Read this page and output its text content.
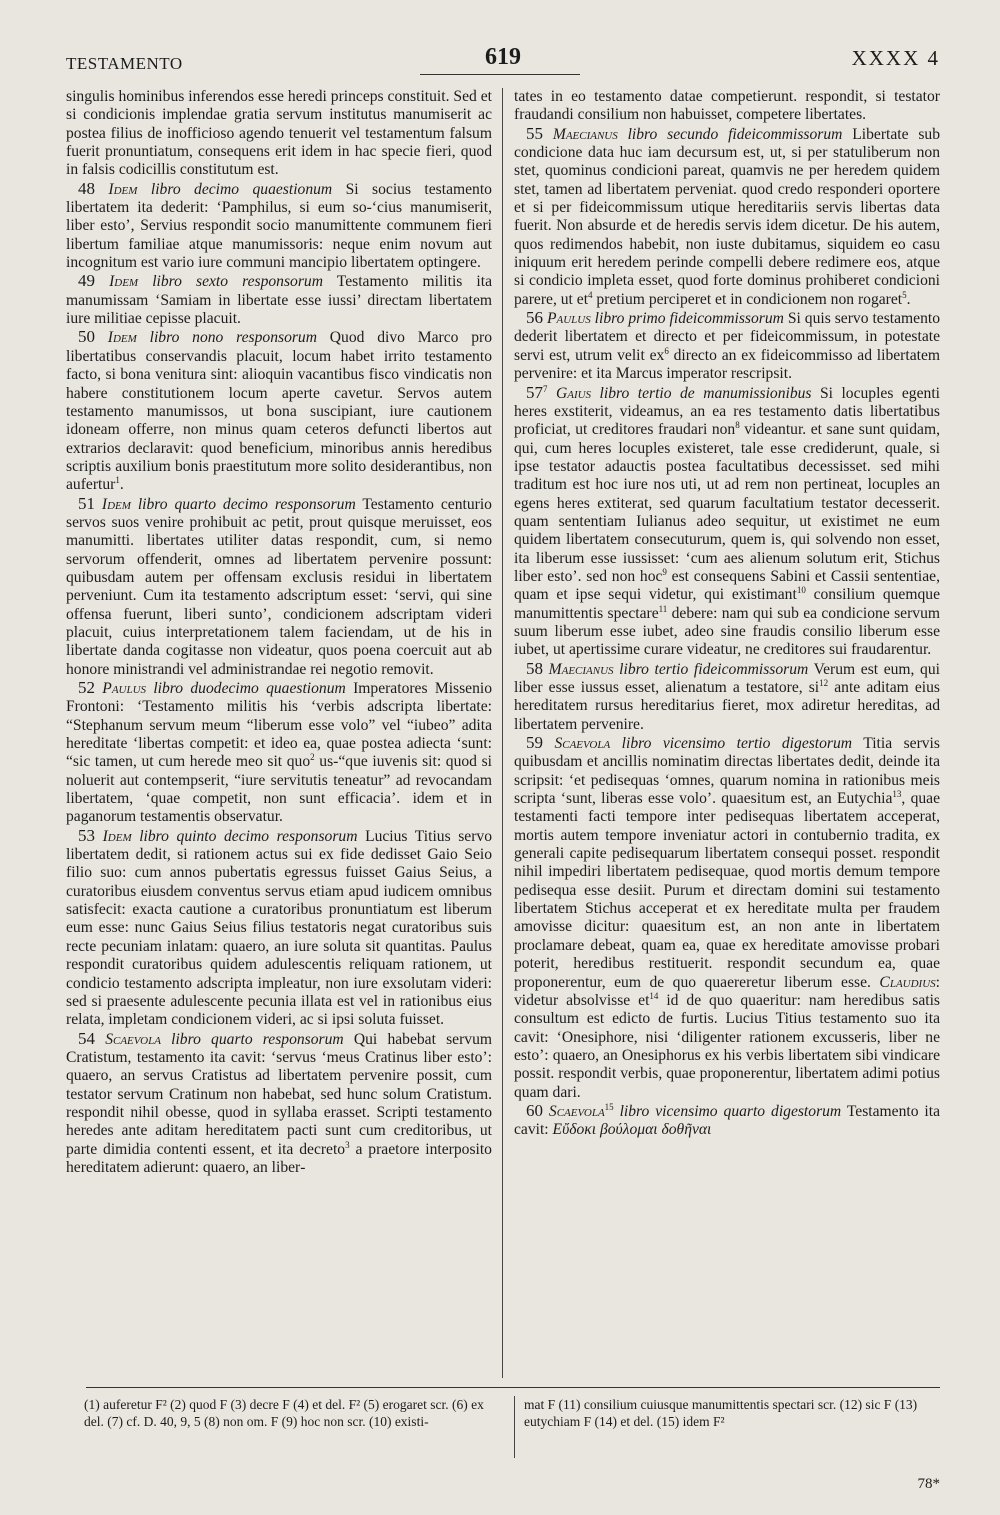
TESTAMENTO	619	XXXX 4

singulis hominibus inferendos esse heredi princeps constituit. Sed et si condicionis implendae gratia servum institutus manumiserit ac postea filius de inofficioso agendo tenuerit vel testamentum falsum fuerit pronuntiatum, consequens erit idem in hac specie fieri, quod in falsis codicillis constitutum est.

48 Idem libro decimo quaestionum Si socius testamento libertatem ita dederit: ‘Pamphilus, si eum so‑‘cius manumiserit, liber esto’, Servius respondit socio manumittente communem fieri libertum familiae atque manumissoris: neque enim novum aut incognitum est vario iure communi mancipio libertatem optingere.

49 Idem libro sexto responsorum Testamento militis ita manumissam ‘Samiam in libertate esse iussi’ directam libertatem iure militiae cepisse placuit.

50 Idem libro nono responsorum Quod divo Marco pro libertatibus conservandis placuit, locum habet irrito testamento facto, si bona venitura sint: alioquin vacantibus fisco vindicatis non habere constitutionem locum aperte cavetur. Servos autem testamento manumissos, ut bona suscipiant, iure cautionem idoneam offerre, non minus quam ceteros defuncti libertos aut extrarios declaravit: quod beneficium, minoribus annis heredibus scriptis auxilium bonis praestitutum more solito desiderantibus, non aufertur$^1$.

51 Idem libro quarto decimo responsorum Testamento centurio servos suos venire prohibuit ac petit, prout quisque meruisset, eos manumitti. libertates utiliter datas respondit, cum, si nemo servorum offenderit, omnes ad libertatem pervenire possunt: quibusdam autem per offensam exclusis residui in libertatem perveniunt. Cum ita testamento adscriptum esset: ‘servi, qui sine offensa fuerunt, liberi sunto’, condicionem adscriptam videri placuit, cuius interpretationem talem faciendam, ut de his in libertate danda cogitasse non videatur, quos poena coercuit aut ab honore ministrandi vel administrandae rei negotio removit.

52 Paulus libro duodecimo quaestionum Imperatores Missenio Frontoni: ‘Testamento militis his ‘verbis adscripta libertate: “Stephanum servum meum “liberum esse volo” vel “iubeo” adita hereditate ‘libertas competit: et ideo ea, quae postea adiecta ‘sunt: “sic tamen, ut cum herede meo sit quo$^2$ us‑“que iuvenis sit: quod si noluerit aut contempserit, “iure servitutis teneatur” ad revocandam libertatem, ‘quae competit, non sunt efficacia’. idem et in paganorum testamentis observatur.

53 Idem libro quinto decimo responsorum Lucius Titius servo libertatem dedit, si rationem actus sui ex fide dedisset Gaio Seio filio suo: cum annos pubertatis egressus fuisset Gaius Seius, a curatoribus eiusdem conventus servus etiam apud iudicem omnibus satisfecit: exacta cautione a curatoribus pronuntiatum est liberum eum esse: nunc Gaius Seius filius testatoris negat curatoribus suis recte pecuniam inlatam: quaero, an iure soluta sit quantitas. Paulus respondit curatoribus quidem adulescentis reliquam rationem, ut condicio testamento adscripta impleatur, non iure exsolutam videri: sed si praesente adulescente pecunia illata est vel in rationibus eius relata, impletam condicionem videri, ac si ipsi soluta fuisset.

54 Scaevola libro quarto responsorum Qui habebat servum Cratistum, testamento ita cavit: ‘servus ‘meus Cratinus liber esto’: quaero, an servus Cratistus ad libertatem pervenire possit, cum testator servum Cratinum non habebat, sed hunc solum Cratistum. respondit nihil obesse, quod in syllaba erasset. Scripti testamento heredes ante aditam hereditatem pacti sunt cum creditoribus, ut parte dimidia contenti essent, et ita decreto$^3$ a praetore interposito hereditatem adierunt: quaero, an liber‑

tates in eo testamento datae competierunt. respondit, si testator fraudandi consilium non habuisset, competere libertates.

55 Maecianus libro secundo fideicommissorum Libertate sub condicione data huc iam decursum est, ut, si per statuliberum non stet, quominus condicioni pareat, quamvis ne per heredem quidem stet, tamen ad libertatem perveniat. quod credo responderi oportere et si per fideicommissum utique hereditariis servis libertas data fuerit. Non absurde et de heredis servis idem dicetur. De his autem, quos redimendos habebit, non iuste dubitamus, siquidem eo casu iniquum erit heredem perinde compelli debere redimere eos, atque si condicio impleta esset, quod forte dominus prohiberet condicioni parere, ut $et^4$ pretium perciperet et in condicionem non rogaret$^5$.

56 Paulus libro primo fideicommissorum Si quis servo testamento dederit libertatem et directo et per fideicommissum, in potestate servi est, utrum velit $ex^6$ directo an ex fideicommisso ad libertatem pervenire: et ita Marcus imperator rescripsit.

$57^7$ Gaius libro tertio de manumissionibus Si locuples egenti heres exstiterit, videamus, an ea res testamento datis libertatibus proficiat, ut creditores fraudari non$^8$ videantur. et sane sunt quidam, qui, cum heres locuples existeret, tale esse crediderunt, quale, si ipse testator adauctis postea facultatibus decessisset. sed mihi traditum est hoc iure nos uti, ut ad rem non pertineat, locuples an egens heres extiterat, sed quarum facultatium testator decesserit. quam sententiam Iulianus adeo sequitur, ut existimet ne eum quidem libertatem consecuturum, quem is, qui solvendo non esset, ita liberum esse iussisset: ‘cum aes alienum solutum erit, Stichus liber esto’. sed non hoc$^9$ est consequens Sabini et Cassii sententiae, quam et ipse sequi videtur, qui existimant$^{10}$ consilium quemque manumittentis spectare$^{11}$ debere: nam qui sub ea condicione servum suum liberum esse iubet, adeo sine fraudis consilio liberum esse iubet, ut apertissime curare videatur, ne creditores sui fraudarentur.

58 Maecianus libro tertio fideicommissorum Verum est eum, qui liber esse iussus esset, alienatum a testatore, $si^{12}$ ante aditam eius hereditatem rursus hereditarius fieret, mox adiretur hereditas, ad libertatem pervenire.

59 Scaevola libro vicensimo tertio digestorum Titia servis quibusdam et ancillis nominatim directas libertates dedit, deinde ita scripsit: ‘et pedisequas ‘omnes, quarum nomina in rationibus meis scripta ‘sunt, liberas esse volo’. quaesitum est, an Eutychia$^{13}$, quae testamenti facti tempore inter pedisequas libertatem acceperat, mortis autem tempore inveniatur actori in contubernio tradita, ex generali capite pedisequarum libertatem consequi posset. respondit nihil impediri libertatem pedisequae, quod mortis demum tempore pedisequa esse desiit. Purum et directam domini sui testamento libertatem Stichus acceperat et ex hereditate multa per fraudem amovisse dicitur: quaesitum est, an non ante in libertatem proclamare debeat, quam ea, quae ex hereditate amovisse probari poterit, heredibus restituerit. respondit secundum ea, quae proponerentur, eum de quo quaereretur liberum esse. Claudius: videtur absolvisse $et^{14}$ id de quo quaeritur: nam heredibus satis consultum est edicto de furtis. Lucius Titius testamento suo ita cavit: ‘Onesiphore, nisi ‘diligenter rationem excusseris, liber ne esto’: quaero, an Onesiphorus ex his verbis libertatem sibi vindicare possit. respondit verbis, quae proponerentur, libertatem adimi potius quam dari.

60 Scaevola$^{15}$ libro vicensimo quarto digestorum Testamento ita cavit: Εὔδοκι βούλομαι δοθῆναι

(1) auferetur F² (2) quod F (3) decre F (4) et del. F² (5) erogaret scr. (6) ex del. (7) cf. D. 40, 9, 5 (8) non om. F (9) hoc non scr. (10) existi‑
mat F (11) consilium cuiusque manumittentis spectari scr. (12) sic F (13) eutychiam F (14) et del. (15) idem F²
78*
